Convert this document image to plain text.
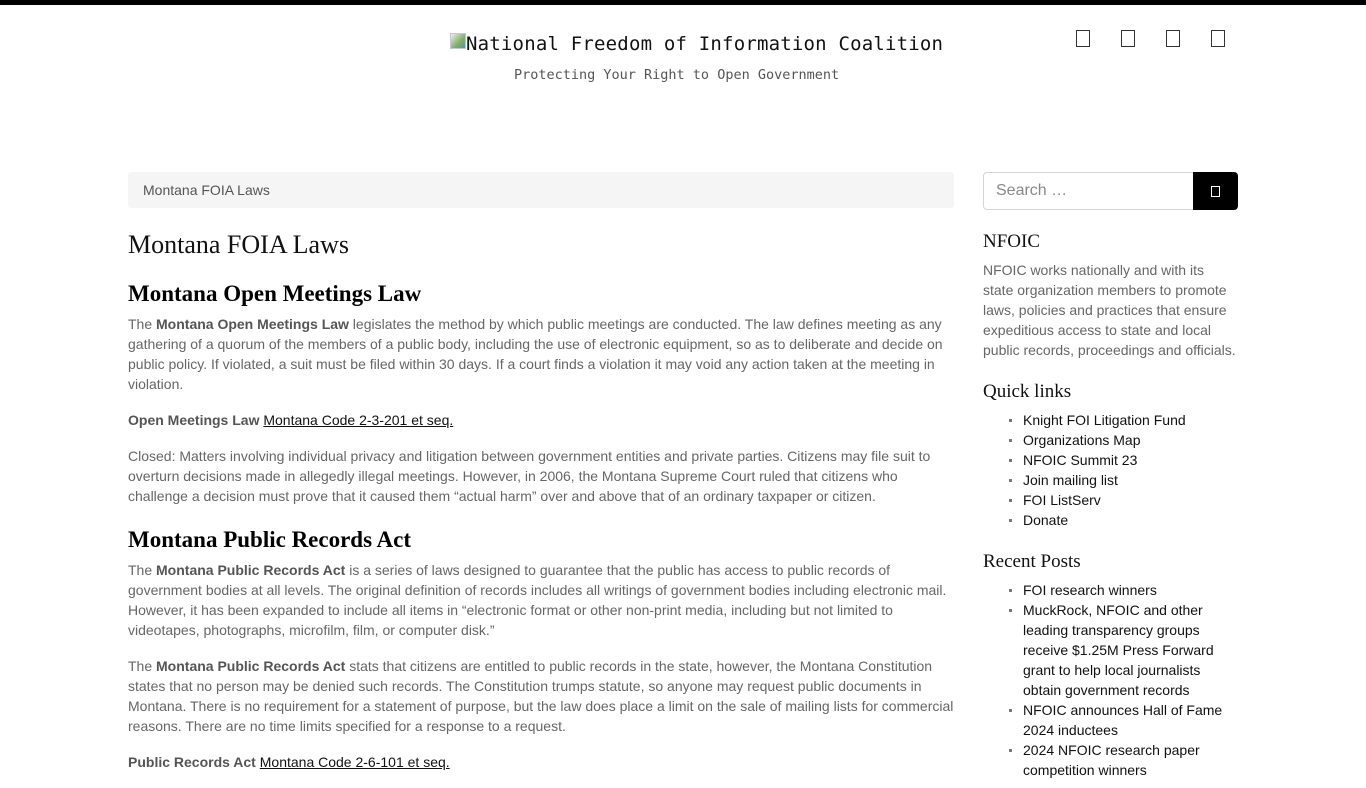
National Freedom of Information Coalition
Protecting Your Right to Open Government
Montana FOIA Laws
Montana FOIA Laws
Montana Open Meetings Law

The Montana Open Meetings Law legislates the method by which public meetings are conducted. The law defines meeting as any gathering of a quorum of the members of a public body, including the use of electronic equipment, so as to deliberate and decide on public policy. If violated, a suit must be filed within 30 days. If a court finds a violation it may void any action taken at the meeting in violation.

Open Meetings Law Montana Code 2-3-201 et seq.

Closed: Matters involving individual privacy and litigation between government entities and private parties. Citizens may file suit to overturn decisions made in allegedly illegal meetings. However, in 2006, the Montana Supreme Court ruled that citizens who challenge a decision must prove that it caused them “actual harm” over and above that of an ordinary taxpaper or citizen.

Montana Public Records Act

The Montana Public Records Act is a series of laws designed to guarantee that the public has access to public records of government bodies at all levels. The original definition of records includes all writings of government bodies including electronic mail. However, it has been expanded to include all items in “electronic format or other non-print media, including but not limited to videotapes, photographs, microfilm, film, or computer disk.”

The Montana Public Records Act stats that citizens are entitled to public records in the state, however, the Montana Constitution states that no person may be denied such records. The Constitution trumps statute, so anyone may request public documents in Montana. There is no requirement for a statement of purpose, but the law does place a limit on the sale of mailing lists for commercial reasons. There are no time limits specified for a response to a request.

Public Records Act Montana Code 2-6-101 et seq.

Search …
NFOIC
NFOIC works nationally and with its state organization members to promote laws, policies and practices that ensure expeditious access to state and local public records, proceedings and officials.
Quick links
Knight FOI Litigation Fund
Organizations Map
NFOIC Summit 23
Join mailing list
FOI ListServ
Donate
Recent Posts
FOI research winners
MuckRock, NFOIC and other leading transparency groups receive $1.25M Press Forward grant to help local journalists obtain government records
NFOIC announces Hall of Fame 2024 inductees
2024 NFOIC research paper competition winners
